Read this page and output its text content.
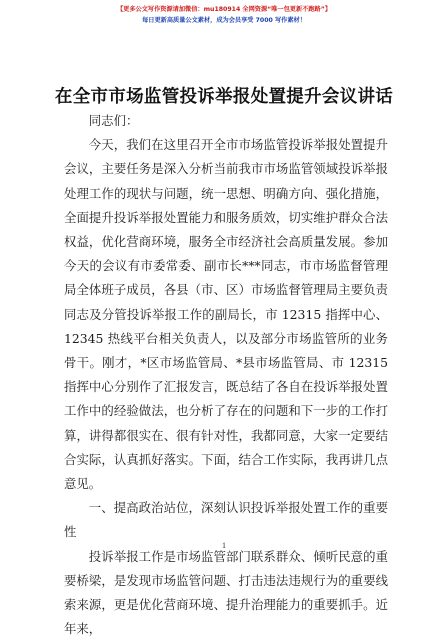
【更多公文写作资源请加微信：mu180914 全网资源“唯一包更新不跑路”】
每日更新高质量公文素材，成为会员享受 7000 写作素材！
在全市市场监管投诉举报处置提升会议讲话

同志们：

今天，我们在这里召开全市市场监管投诉举报处置提升会议，主要任务是深入分析当前我市市场监管领域投诉举报处理工作的现状与问题，统一思想、明确方向、强化措施，全面提升投诉举报处置能力和服务质效，切实维护群众合法权益，优化营商环境，服务全市经济社会高质量发展。参加今天的会议有市委常委、副市长***同志，市市场监督管理局全体班子成员，各县（市、区）市场监督管理局主要负责同志及分管投诉举报工作的副局长，市 12315 指挥中心、12345 热线平台相关负责人，以及部分市场监管所的业务骨干。刚才，*区市场监管局、*县市场监管局、市 12315 指挥中心分别作了汇报发言，既总结了各自在投诉举报处置工作中的经验做法，也分析了存在的问题和下一步的工作打算，讲得都很实在、很有针对性，我都同意，大家一定要结合实际，认真抓好落实。下面，结合工作实际，我再讲几点意见。

一、提高政治站位，深刻认识投诉举报处置工作的重要性

投诉举报工作是市场监管部门联系群众、倾听民意的重要桥梁，是发现市场监管问题、打击违法违规行为的重要线索来源，更是优化营商环境、提升治理能力的重要抓手。近年来，

1
